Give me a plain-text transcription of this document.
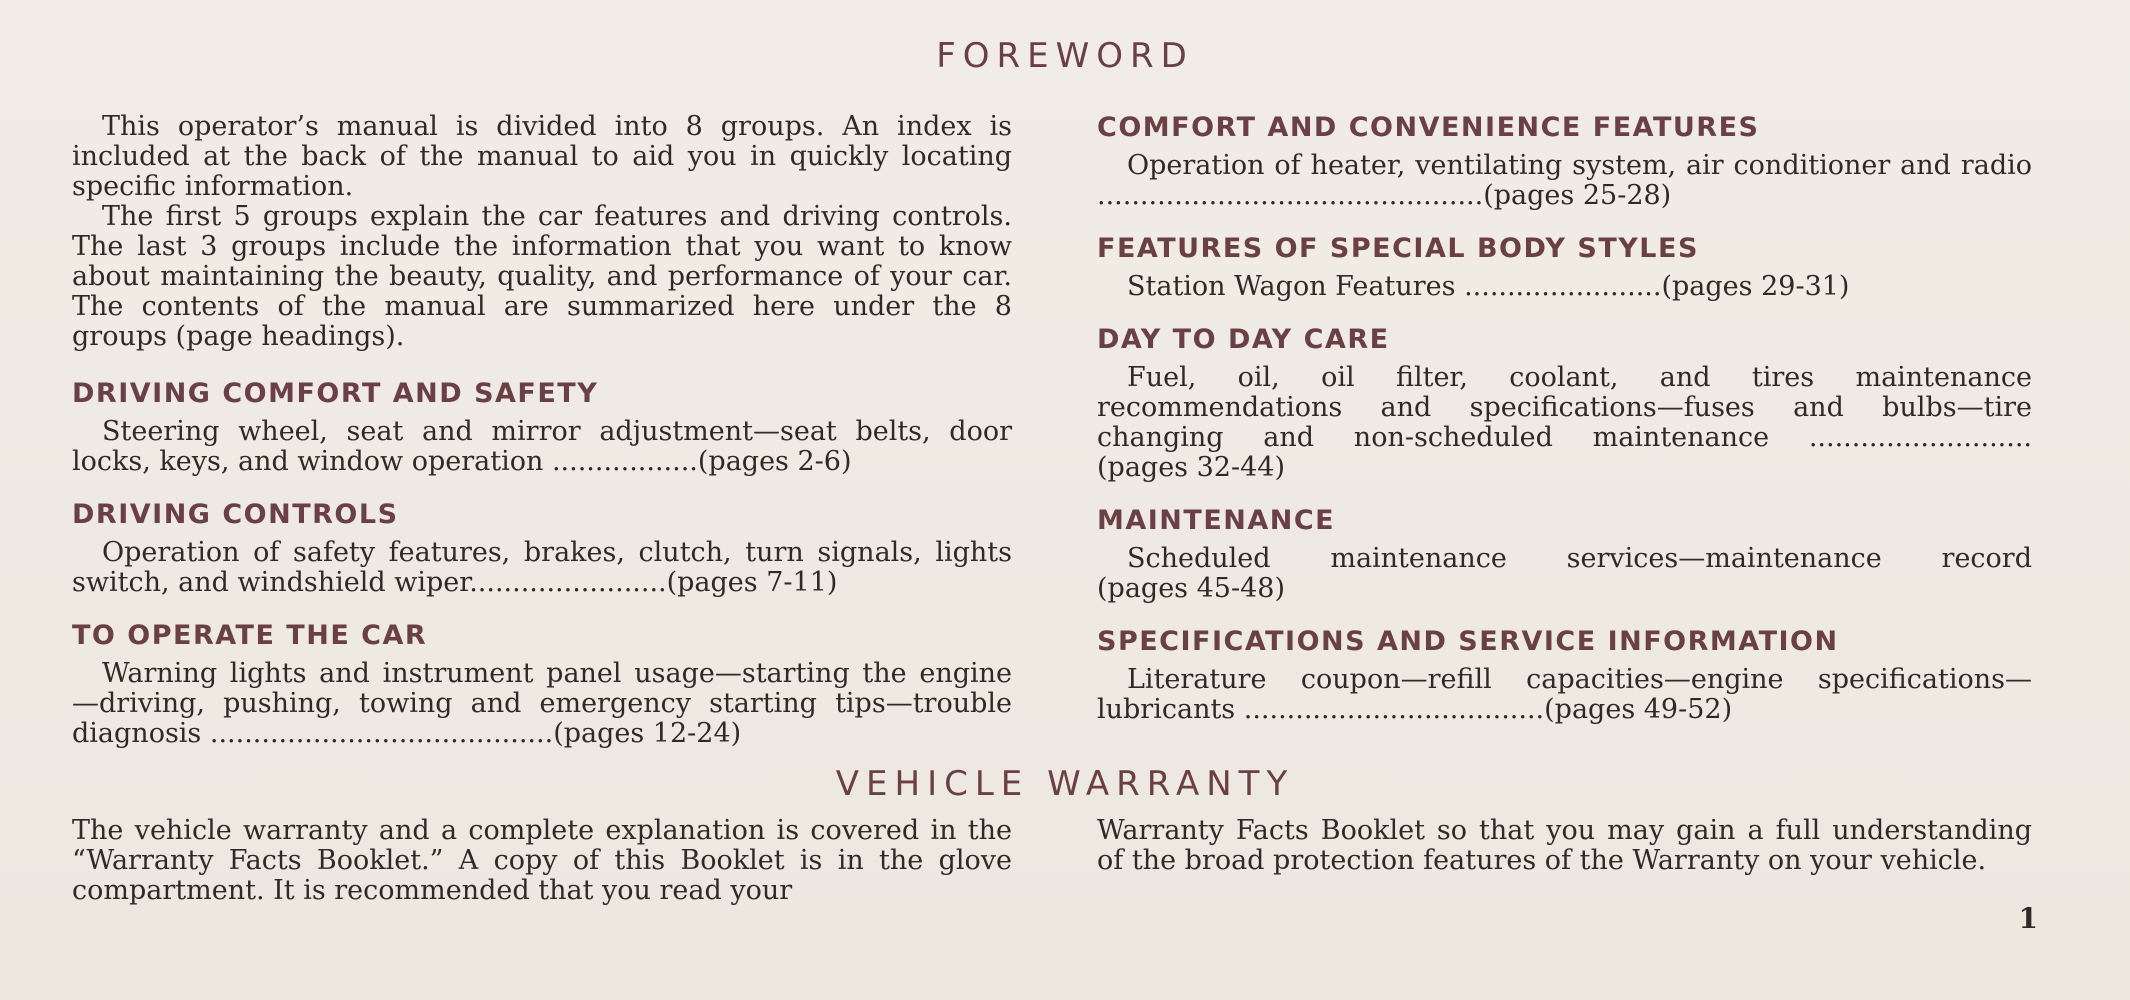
FOREWORD

This operator’s manual is divided into 8 groups. An index is included at the back of the manual to aid you in quickly locating specific information.

The first 5 groups explain the car features and driving controls. The last 3 groups include the information that you want to know about maintaining the beauty, quality, and performance of your car. The contents of the manual are summarized here under the 8 groups (page headings).

DRIVING COMFORT AND SAFETY

Steering wheel, seat and mirror adjustment—seat belts, door locks, keys, and window operation .................(pages 2-6)

DRIVING CONTROLS

Operation of safety features, brakes, clutch, turn signals, lights switch, and windshield wiper.......................(pages 7-11)

TO OPERATE THE CAR

Warning lights and instrument panel usage—starting the engine —driving, pushing, towing and emergency starting tips—trouble diagnosis ........................................(pages 12-24)

COMFORT AND CONVENIENCE FEATURES

Operation of heater, ventilating system, air conditioner and radio .............................................(pages 25-28)

FEATURES OF SPECIAL BODY STYLES

Station Wagon Features .......................(pages 29-31)

DAY TO DAY CARE

Fuel, oil, oil filter, coolant, and tires maintenance recommendations and specifications—fuses and bulbs—tire changing and non-scheduled maintenance ..........................(pages 32-44)

MAINTENANCE

Scheduled maintenance services—maintenance record (pages 45-48)

SPECIFICATIONS AND SERVICE INFORMATION

Literature coupon—refill capacities—engine specifications—lubricants ...................................(pages 49-52)

VEHICLE WARRANTY

The vehicle warranty and a complete explanation is covered in the “Warranty Facts Booklet.” A copy of this Booklet is in the glove compartment. It is recommended that you read your

Warranty Facts Booklet so that you may gain a full understanding of the broad protection features of the Warranty on your vehicle.

1
